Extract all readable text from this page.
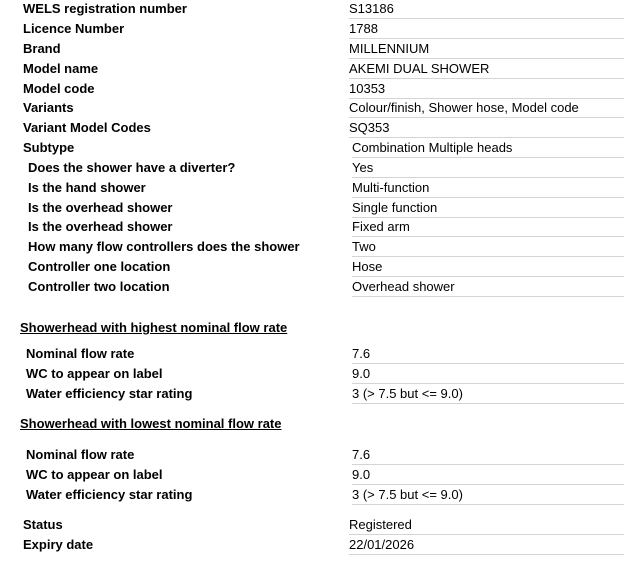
WELS registration number	S13186
Licence Number	1788
Brand	MILLENNIUM
Model name	AKEMI DUAL SHOWER
Model code	10353
Variants	Colour/finish, Shower hose, Model code
Variant Model Codes	SQ353
Subtype	Combination Multiple heads
Does the shower have a diverter?	Yes
Is the hand shower	Multi-function
Is the overhead shower	Single function
Is the overhead shower	Fixed arm
How many flow controllers does the shower	Two
Controller one location	Hose
Controller two location	Overhead shower
Showerhead with highest nominal flow rate
Nominal flow rate	7.6
WC to appear on label	9.0
Water efficiency star rating	3 (> 7.5 but <= 9.0)
Showerhead with lowest nominal flow rate
Nominal flow rate	7.6
WC to appear on label	9.0
Water efficiency star rating	3 (> 7.5 but <= 9.0)
Status	Registered
Expiry date	22/01/2026
